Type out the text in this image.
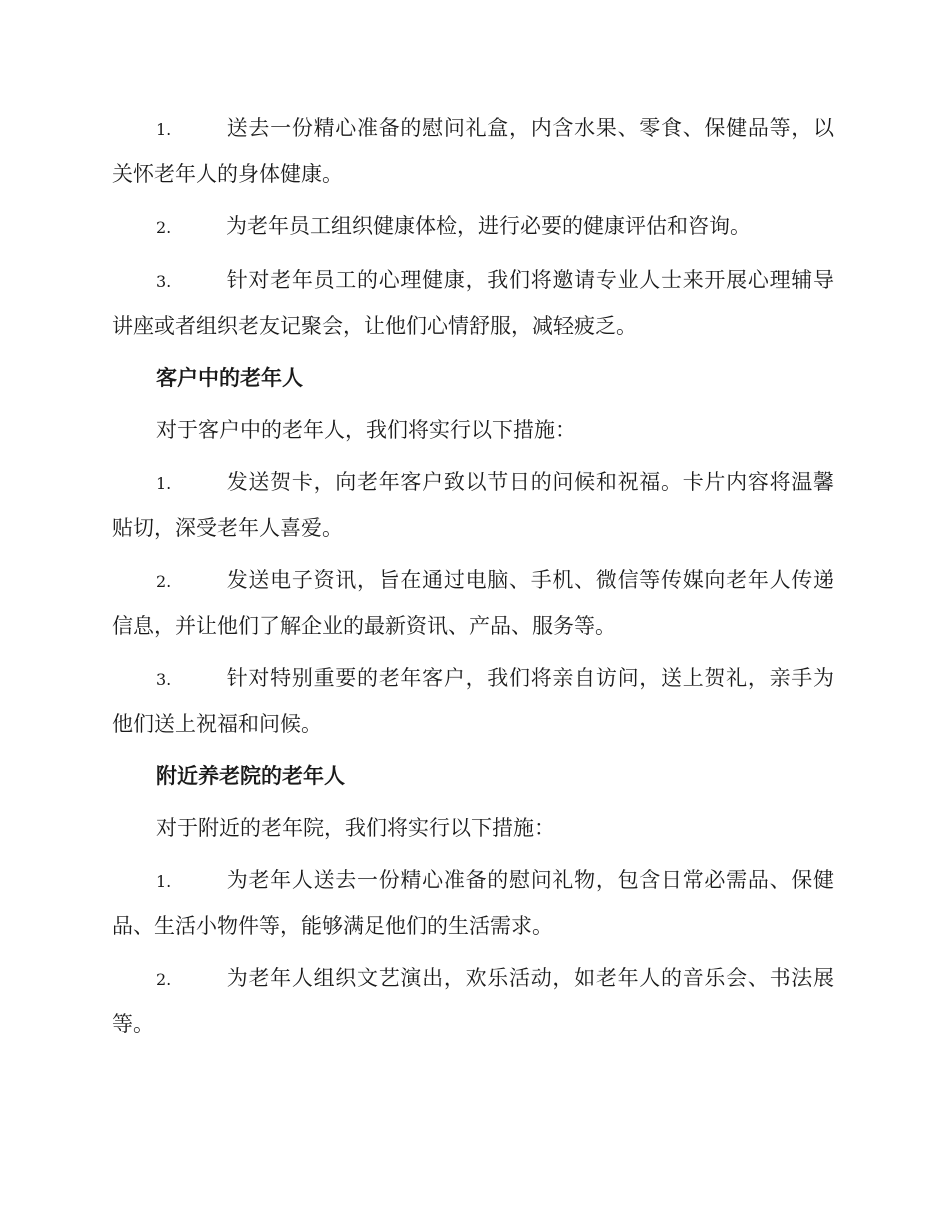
1.	送去一份精心准备的慰问礼盒，内含水果、零食、保健品等，以关怀老年人的身体健康。
2.	为老年员工组织健康体检，进行必要的健康评估和咨询。
3.	针对老年员工的心理健康，我们将邀请专业人士来开展心理辅导讲座或者组织老友记聚会，让他们心情舒服，减轻疲乏。
客户中的老年人
对于客户中的老年人，我们将实行以下措施：
1.	发送贺卡，向老年客户致以节日的问候和祝福。卡片内容将温馨贴切，深受老年人喜爱。
2.	发送电子资讯，旨在通过电脑、手机、微信等传媒向老年人传递信息，并让他们了解企业的最新资讯、产品、服务等。
3.	针对特别重要的老年客户，我们将亲自访问，送上贺礼，亲手为他们送上祝福和问候。
附近养老院的老年人
对于附近的老年院，我们将实行以下措施：
1.	为老年人送去一份精心准备的慰问礼物，包含日常必需品、保健品、生活小物件等，能够满足他们的生活需求。
2.	为老年人组织文艺演出，欢乐活动，如老年人的音乐会、书法展等。
